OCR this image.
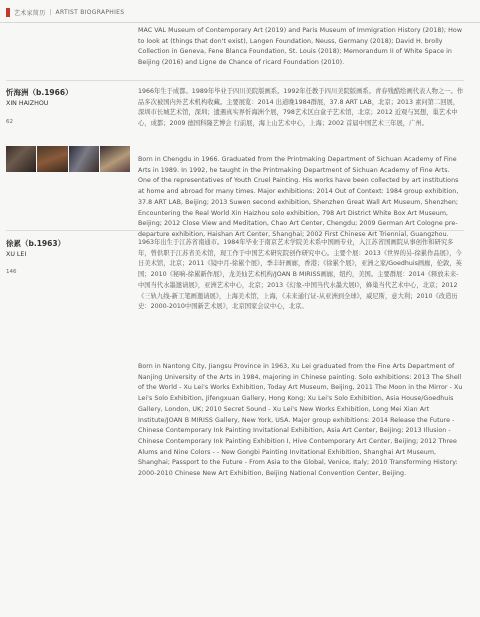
艺术家简历 | ARTIST BIOGRAPHIES

MAC VAL Museum of Contemporary Art (2019) and Paris Museum of Immigration History (2018); How to look at (things that don't exist), Langen Foundation, Neuss, Germany (2018); David H. brolly Collection in Geneva, Fene Blanca Foundation, St. Louis (2018); Memorandum II of White Space in Beijing (2016) and Ligne de Chance of ricard Foundation (2010).

忻海洲（b.1966）

XIN HAIZHOU

62

1966年生于成都。1989年毕业于四川美院版画系。1992年任教于四川美院版画系。青春残酷绘画代表人物之一。作品多次被国内外艺术机构收藏。主要展览：2014 出道晚1984群展，37.8 ART LAB，北京；2013 素问第二回展，深圳市长城艺术馆，深圳；遗遇真实界忻海洲个展，798艺术区白盒子艺术馆，北京；2012 近观与冥想，巢艺术中心，成都；2009 德国科隆艺博会 行前展，海上山艺术中心，上海；2002 首届中国艺术三年展，广州。

Born in Chengdu in 1966. Graduated from the Printmaking Department of Sichuan Academy of Fine Arts in 1989. In 1992, he taught in the Printmaking Department of Sichuan Academy of Fine Arts. One of the representatives of Youth Cruel Painting. His works have been collected by art institutions at home and abroad for many times. Major exhibitions: 2014 Out of Context: 1984 group exhibition, 37.8 ART LAB, Beijing; 2013 Suwen second exhibition, Shenzhen Great Wall Art Museum, Shenzhen; Encountering the Real World Xin Haizhou solo exhibition, 798 Art District White Box Art Museum, Beijing; 2012 Close View and Meditation, Chao Art Center, Chengdu; 2009 German Art Cologne pre-departure exhibition, Haishan Art Center, Shanghai; 2002 First Chinese Art Triennial, Guangzhou.

徐累（b.1963）

XU LEI

146

1963年出生于江苏省南通市。1984年毕业于南京艺术学院美术系中国画专业，入江苏省国画院从事创作和研究多年，曾供职于江苏省美术馆，现工作于中国艺术研究院创作研究中心。主要个展：2013《世界的另-徐累作品展》，今日美术馆，北京；2011《镜中月-徐累个展》，季丰轩画廊，香港；《徐累个展》，亚洲之家/Goedhuis画廊，伦敦，英国；2010《秘响-徐累新作展》，龙美仙艺术机构/JOAN B MIRISS画廊，纽约，美国。主要群展：2014《释放未来-中国当代水墨邀请展》，亚洲艺术中心，北京；2013《幻象-中国当代水墨大展Ⅰ》，蜂巢当代艺术中心，北京；2012《三轨九线-新工笔画邀请展》，上海美术馆，上海，《未来通行证-从亚洲到全球》，威尼斯，意大利；2010《改造历史：2000-2010中国新艺术展》，北京国家会议中心，北京。

Born in Nantong City, Jiangsu Province in 1963, Xu Lei graduated from the Fine Arts Department of Nanjing University of the Arts in 1984, majoring in Chinese painting. Solo exhibitions: 2013 The Shell of the World - Xu Lei's Works Exhibition, Today Art Museum, Beijing, 2011 The Moon in the Mirror - Xu Lei's Solo Exhibition, Jifengxuan Gallery, Hong Kong; Xu Lei's Solo Exhibition, Asia House/Goedhuis Gallery, London, UK; 2010 Secret Sound - Xu Lei's New Works Exhibition, Long Mei Xian Art Institute/JOAN B MIRISS Gallery, New York, USA. Major group exhibitions: 2014 Release the Future - Chinese Contemporary Ink Painting Invitational Exhibition, Asia Art Center, Beijing; 2013 Illusion - Chinese Contemporary Ink Painting Exhibition I, Hive Contemporary Art Center, Beijing; 2012 Three Alums and Nine Colors - - New Gongbi Painting Invitational Exhibition, Shanghai Art Museum, Shanghai; Passport to the Future - From Asia to the Global, Venice, Italy; 2010 Transforming History: 2000-2010 Chinese New Art Exhibition, Beijing National Convention Center, Beijing.
